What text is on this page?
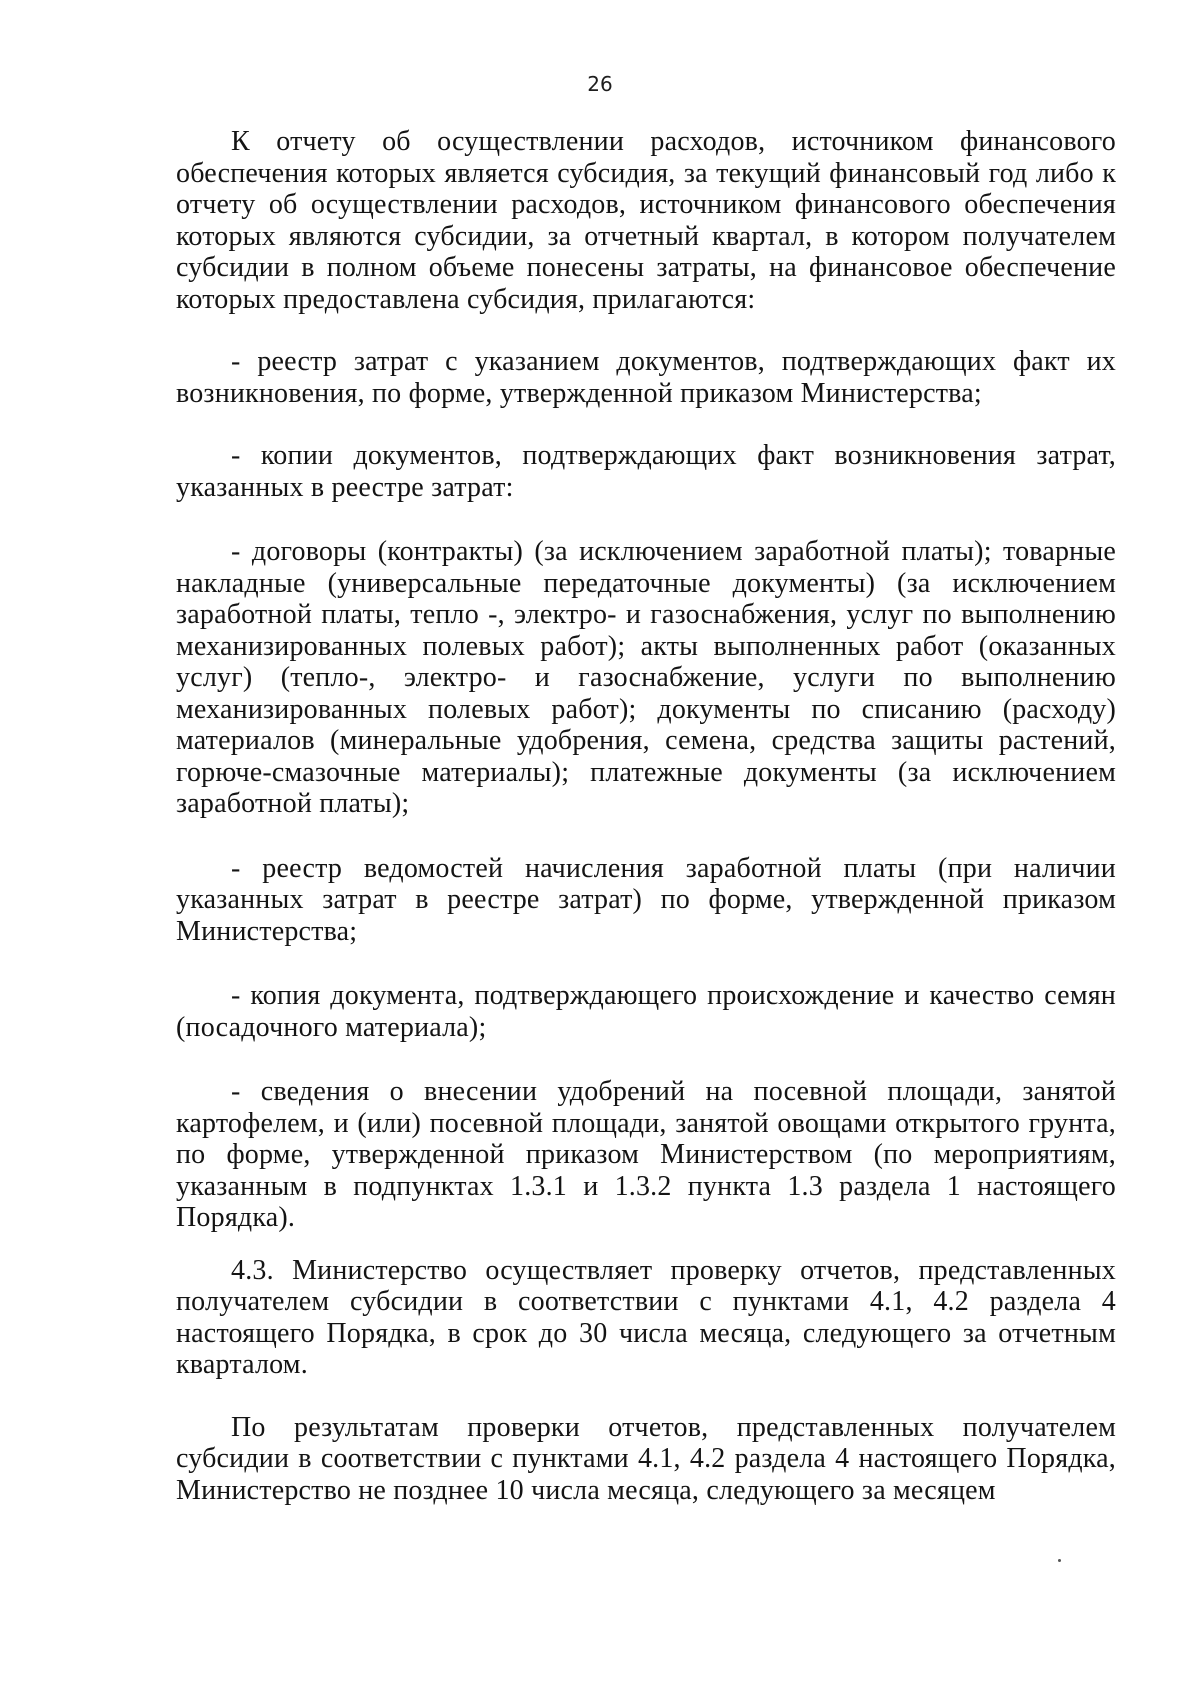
26

К отчету об осуществлении расходов, источником финансового обеспечения которых является субсидия, за текущий финансовый год либо к отчету об осуществлении расходов, источником финансового обеспечения которых являются субсидии, за отчетный квартал, в котором получателем субсидии в полном объеме понесены затраты, на финансовое обеспечение которых предоставлена субсидия, прилагаются:

- реестр затрат с указанием документов, подтверждающих факт их возникновения, по форме, утвержденной приказом Министерства;

- копии документов, подтверждающих факт возникновения затрат, указанных в реестре затрат:

- договоры (контракты) (за исключением заработной платы); товарные накладные (универсальные передаточные документы) (за исключением заработной платы, тепло -, электро- и газоснабжения, услуг по выполнению механизированных полевых работ); акты выполненных работ (оказанных услуг) (тепло-, электро- и газоснабжение, услуги по выполнению механизированных полевых работ); документы по списанию (расходу) материалов (минеральные удобрения, семена, средства защиты растений, горюче-смазочные материалы); платежные документы (за исключением заработной платы);

- реестр ведомостей начисления заработной платы (при наличии указанных затрат в реестре затрат) по форме, утвержденной приказом Министерства;

- копия документа, подтверждающего происхождение и качество семян (посадочного материала);

- сведения о внесении удобрений на посевной площади, занятой картофелем, и (или) посевной площади, занятой овощами открытого грунта, по форме, утвержденной приказом Министерством (по мероприятиям, указанным в подпунктах 1.3.1 и 1.3.2 пункта 1.3 раздела 1 настоящего Порядка).

4.3. Министерство осуществляет проверку отчетов, представленных получателем субсидии в соответствии с пунктами 4.1, 4.2 раздела 4 настоящего Порядка, в срок до 30 числа месяца, следующего за отчетным кварталом.

По результатам проверки отчетов, представленных получателем субсидии в соответствии с пунктами 4.1, 4.2 раздела 4 настоящего Порядка, Министерство не позднее 10 числа месяца, следующего за месяцем
